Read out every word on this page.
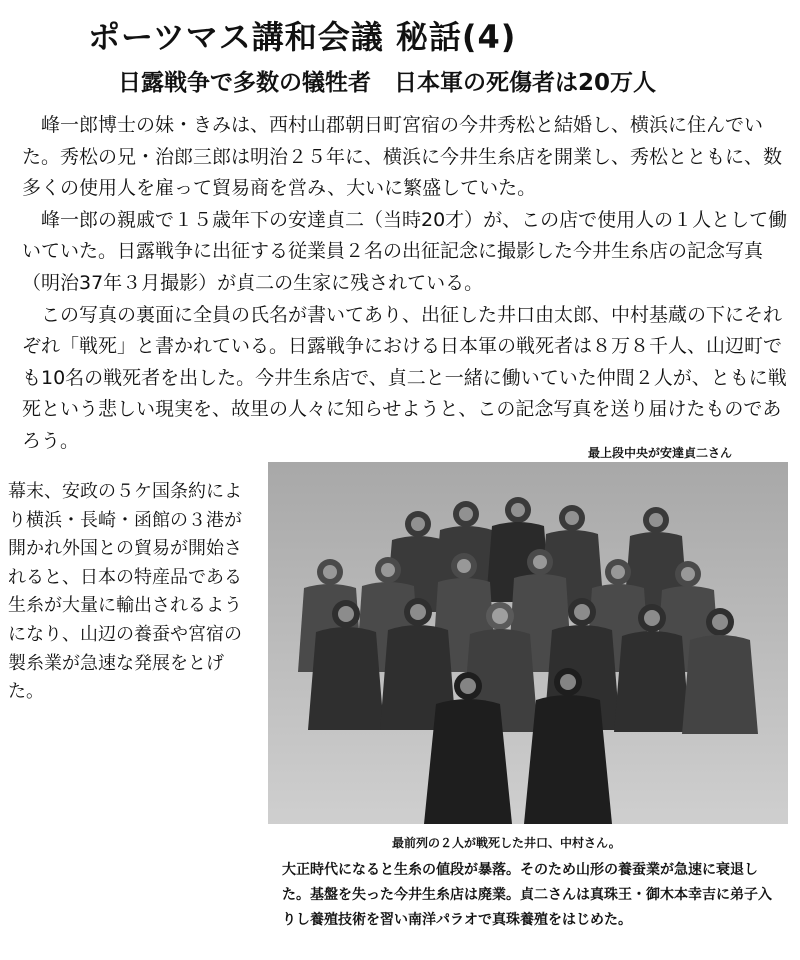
ポーツマス講和会議 秘話(4)
日露戦争で多数の犠牲者　日本軍の死傷者は20万人

峰一郎博士の妹・きみは、西村山郡朝日町宮宿の今井秀松と結婚し、横浜に住んでいた。秀松の兄・治郎三郎は明治２５年に、横浜に今井生糸店を開業し、秀松とともに、数多くの使用人を雇って貿易商を営み、大いに繁盛していた。

峰一郎の親戚で１５歳年下の安達貞二（当時20才）が、この店で使用人の１人として働いていた。日露戦争に出征する従業員２名の出征記念に撮影した今井生糸店の記念写真（明治37年３月撮影）が貞二の生家に残されている。

この写真の裏面に全員の氏名が書いてあり、出征した井口由太郎、中村基蔵の下にそれぞれ「戦死」と書かれている。日露戦争における日本軍の戦死者は８万８千人、山辺町でも10名の戦死者を出した。今井生糸店で、貞二と一緒に働いていた仲間２人が、ともに戦死という悲しい現実を、故里の人々に知らせようと、この記念写真を送り届けたものであろう。

最上段中央が安達貞二さん

幕末、安政の５ケ国条約により横浜・長崎・函館の３港が開かれ外国との貿易が開始されると、日本の特産品である生糸が大量に輸出されるようになり、山辺の養蚕や宮宿の製糸業が急速な発展をとげた。

最前列の２人が戦死した井口、中村さん。

大正時代になると生糸の値段が暴落。そのため山形の養蚕業が急速に衰退した。基盤を失った今井生糸店は廃業。貞二さんは真珠王・御木本幸吉に弟子入りし養殖技術を習い南洋パラオで真珠養殖をはじめた。
